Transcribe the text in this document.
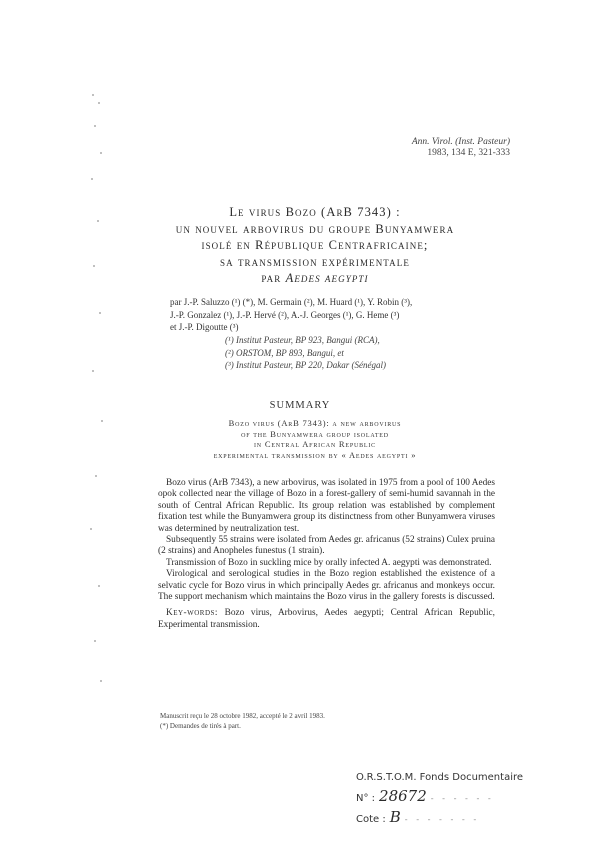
Ann. Virol. (Inst. Pasteur)
1983, 134 E, 321-333
Le virus Bozo (ArB 7343) :
un nouvel arbovirus du groupe Bunyamwera
isolé en République Centrafricaine;
sa transmission expérimentale
par Aedes aegypti
par J.-P. Saluzzo (¹) (*), M. Germain (²), M. Huard (¹), Y. Robin (³),
J.-P. Gonzalez (¹), J.-P. Hervé (²), A.-J. Georges (¹), G. Heme (³)
et J.-P. Digoutte (³)
(¹) Institut Pasteur, BP 923, Bangui (RCA),
(²) ORSTOM, BP 893, Bangui, et
(³) Institut Pasteur, BP 220, Dakar (Sénégal)
SUMMARY
Bozo virus (ArB 7343): a new arbovirus
of the Bunyamwera group isolated
in Central African Republic
experimental transmission by « Aedes aegypti »

Bozo virus (ArB 7343), a new arbovirus, was isolated in 1975 from a pool of 100 Aedes opok collected near the village of Bozo in a forest-gallery of semi-humid savannah in the south of Central African Republic. Its group relation was established by complement fixation test while the Bunyamwera group its distinctness from other Bunyamwera viruses was determined by neutralization test.

Subsequently 55 strains were isolated from Aedes gr. africanus (52 strains) Culex pruina (2 strains) and Anopheles funestus (1 strain).

Transmission of Bozo in suckling mice by orally infected A. aegypti was demonstrated.

Virological and serological studies in the Bozo region established the existence of a selvatic cycle for Bozo virus in which principally Aedes gr. africanus and monkeys occur. The support mechanism which maintains the Bozo virus in the gallery forests is discussed.

Key-words: Bozo virus, Arbovirus, Aedes aegypti; Central African Republic, Experimental transmission.

Manuscrit reçu le 28 octobre 1982, accepté le 2 avril 1983.
(*) Demandes de tirés à part.
O.R.S.T.O.M. Fonds Documentaire
N° : 28672 - - - - - -
Cote : B - - - - - - -
